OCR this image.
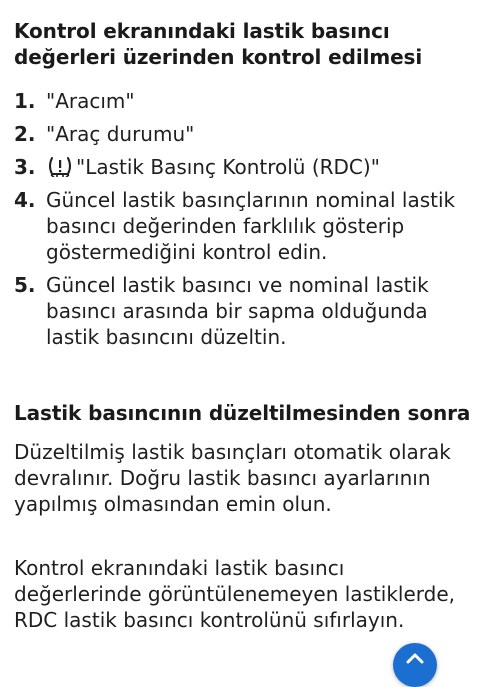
Kontrol ekranındaki lastik basıncı değerleri üzerinden kontrol edilmesi
1. "Aracım"
2. "Araç durumu"
3.	"Lastik Basınç Kontrolü (RDC)"
4. Güncel lastik basınçlarının nominal lastik basıncı değerinden farklılık gösterip göstermediğini kontrol edin.
5. Güncel lastik basıncı ve nominal lastik basıncı arasında bir sapma olduğunda lastik basıncını düzeltin.
Lastik basıncının düzeltilmesinden sonra

Düzeltilmiş lastik basınçları otomatik olarak devralınır. Doğru lastik basıncı ayarlarının yapılmış olmasından emin olun.

Kontrol ekranındaki lastik basıncı değerlerinde görüntülenemeyen lastiklerde, RDC lastik basıncı kontrolünü sıfırlayın.
